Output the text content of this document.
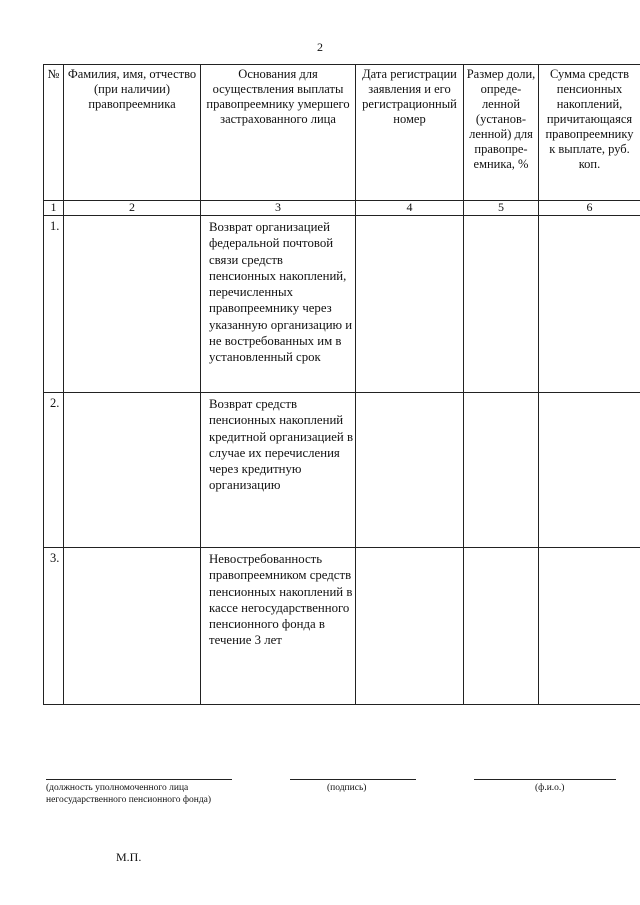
2
№	Фамилия, имя, отчество (при наличии) правопреемника	Основания для осуществления выплаты правопреемнику умершего застрахованного лица	Дата регистрации заявления и его регистрационный номер	Размер доли, опреде-ленной (установ-ленной) для правопре-емника, %	Сумма средств пенсионных накоплений, причитающаяся правопреемнику к выплате, руб. коп.
1	2	3	4	5	6
1.		Возврат организацией федеральной почтовой связи средств пенсионных накоплений, перечисленных правопреемнику через указанную организацию и не востребованных им в установленный срок			
2.		Возврат средств пенсионных накоплений кредитной организацией в случае их перечисления через кредитную организацию			
3.		Невостребованность правопреемником средств пенсионных накоплений в кассе негосударственного пенсионного фонда в течение 3 лет			
(должность уполномоченного лица
негосударственного пенсионного фонда)
(подпись)	(ф.и.о.)
М.П.
